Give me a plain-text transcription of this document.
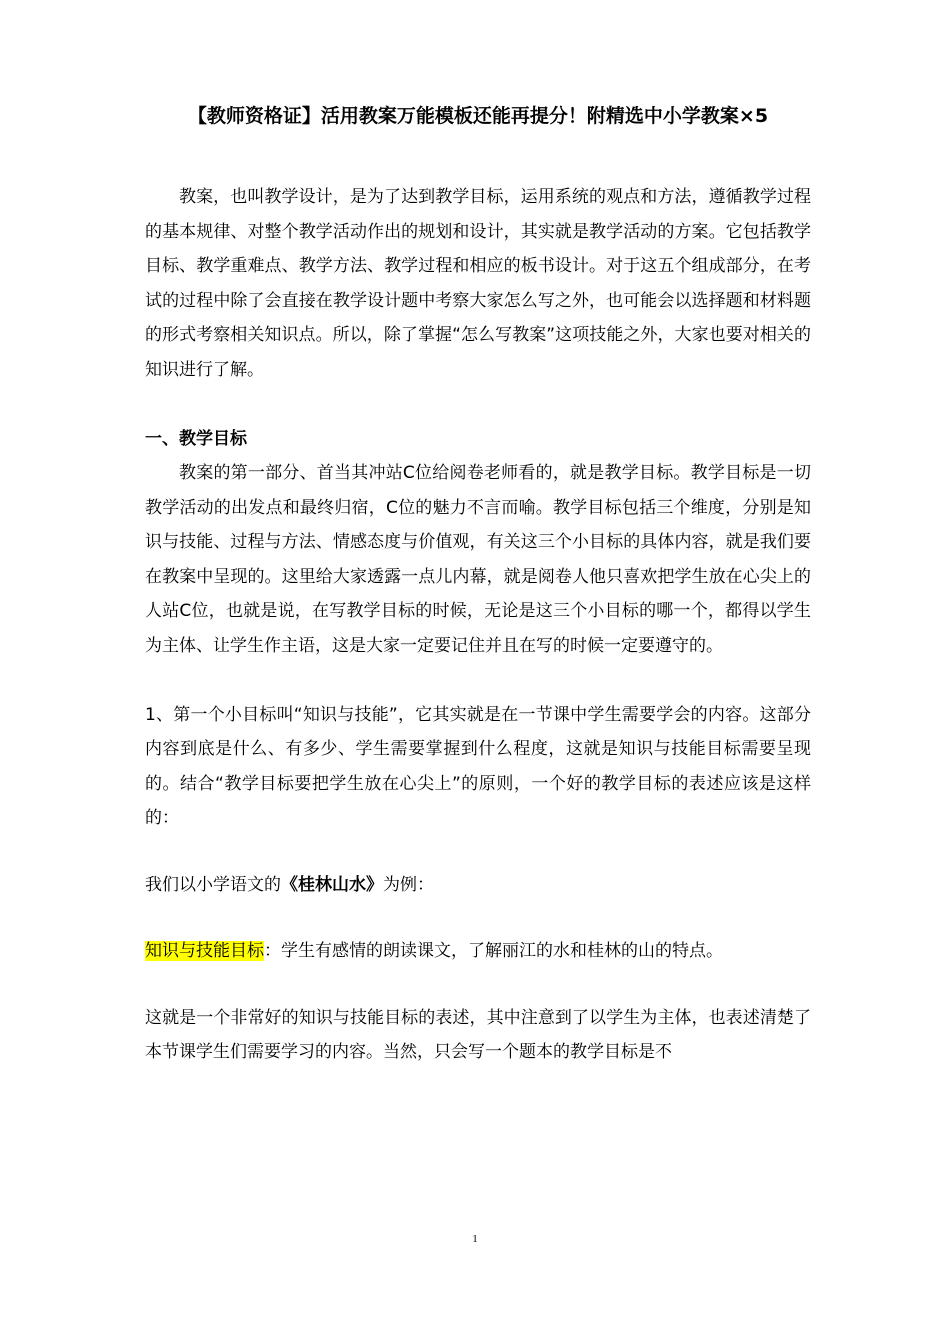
【教师资格证】活用教案万能模板还能再提分！附精选中小学教案×5

教案，也叫教学设计，是为了达到教学目标，运用系统的观点和方法，遵循教学过程的基本规律、对整个教学活动作出的规划和设计，其实就是教学活动的方案。它包括教学目标、教学重难点、教学方法、教学过程和相应的板书设计。对于这五个组成部分，在考试的过程中除了会直接在教学设计题中考察大家怎么写之外，也可能会以选择题和材料题的形式考察相关知识点。所以，除了掌握“怎么写教案”这项技能之外，大家也要对相关的知识进行了解。

一、教学目标

教案的第一部分、首当其冲站C位给阅卷老师看的，就是教学目标。教学目标是一切教学活动的出发点和最终归宿，C位的魅力不言而喻。教学目标包括三个维度，分别是知识与技能、过程与方法、情感态度与价值观，有关这三个小目标的具体内容，就是我们要在教案中呈现的。这里给大家透露一点儿内幕，就是阅卷人他只喜欢把学生放在心尖上的人站C位，也就是说，在写教学目标的时候，无论是这三个小目标的哪一个，都得以学生为主体、让学生作主语，这是大家一定要记住并且在写的时候一定要遵守的。

1、第一个小目标叫“知识与技能”，它其实就是在一节课中学生需要学会的内容。这部分内容到底是什么、有多少、学生需要掌握到什么程度，这就是知识与技能目标需要呈现的。结合“教学目标要把学生放在心尖上”的原则，一个好的教学目标的表述应该是这样的：

我们以小学语文的《桂林山水》为例：

知识与技能目标：学生有感情的朗读课文，了解丽江的水和桂林的山的特点。

这就是一个非常好的知识与技能目标的表述，其中注意到了以学生为主体，也表述清楚了本节课学生们需要学习的内容。当然，只会写一个题本的教学目标是不

1
